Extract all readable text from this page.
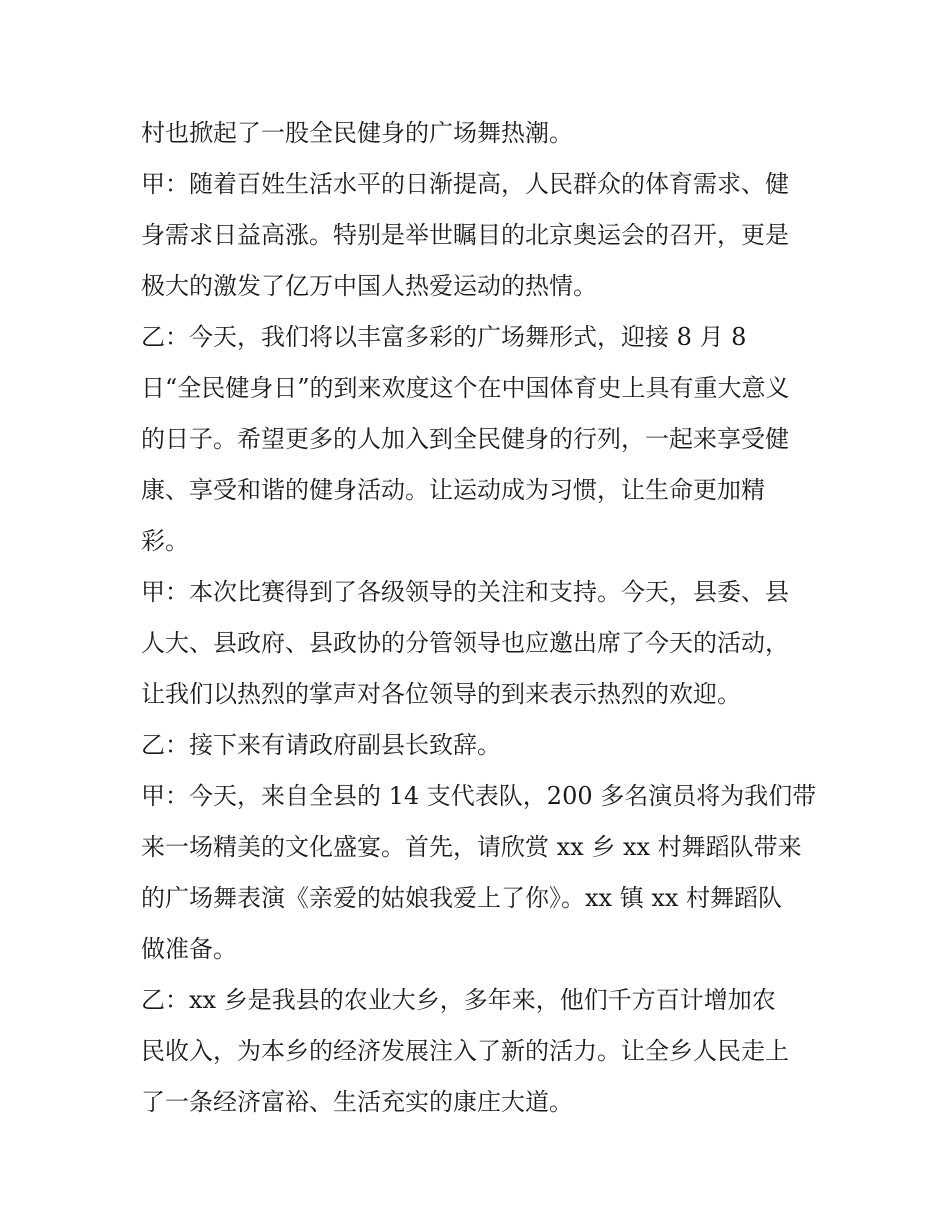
村也掀起了一股全民健身的广场舞热潮。
甲：随着百姓生活水平的日渐提高，人民群众的体育需求、健
身需求日益高涨。特别是举世瞩目的北京奥运会的召开，更是
极大的激发了亿万中国人热爱运动的热情。
乙：今天，我们将以丰富多彩的广场舞形式，迎接 8 月 8
日“全民健身日”的到来欢度这个在中国体育史上具有重大意义
的日子。希望更多的人加入到全民健身的行列，一起来享受健
康、享受和谐的健身活动。让运动成为习惯，让生命更加精
彩。
甲：本次比赛得到了各级领导的关注和支持。今天，县委、县
人大、县政府、县政协的分管领导也应邀出席了今天的活动，
让我们以热烈的掌声对各位领导的到来表示热烈的欢迎。
乙：接下来有请政府副县长致辞。
甲：今天，来自全县的 14 支代表队，200 多名演员将为我们带
来一场精美的文化盛宴。首先，请欣赏 xx 乡 xx 村舞蹈队带来
的广场舞表演《亲爱的姑娘我爱上了你》。xx 镇 xx 村舞蹈队
做准备。
乙：xx 乡是我县的农业大乡，多年来，他们千方百计增加农
民收入，为本乡的经济发展注入了新的活力。让全乡人民走上
了一条经济富裕、生活充实的康庄大道。
